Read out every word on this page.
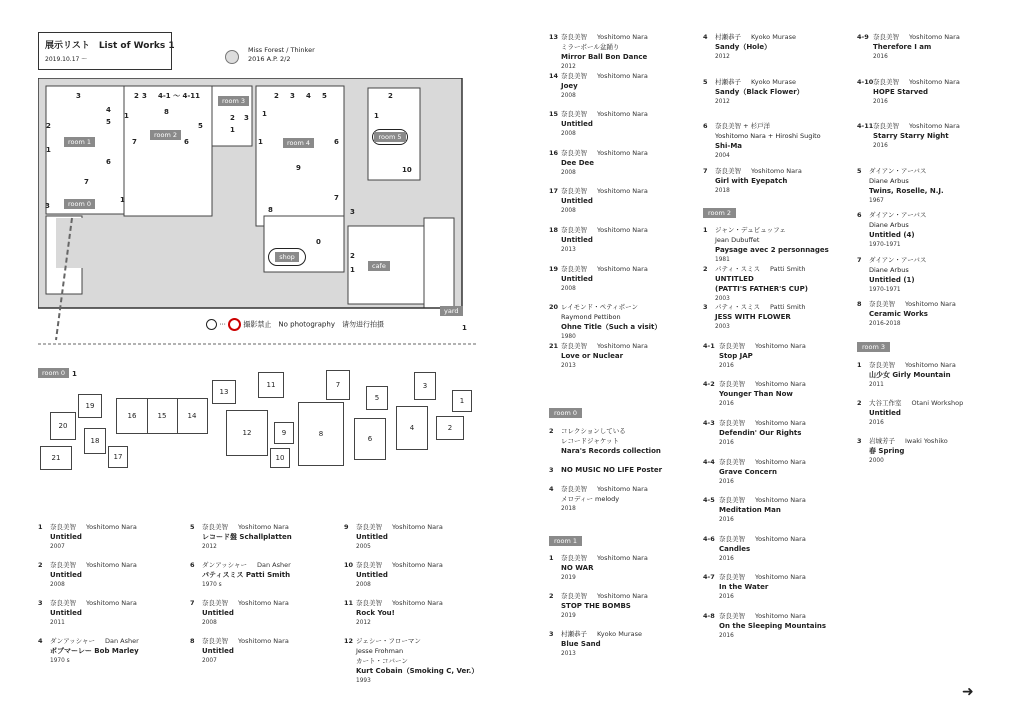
展示リスト　List of Works 1
2019.10.17 ～
Miss Forest / Thinker
2016 A.P. 2/2
room 1
room 2
room 3
room 4
room 5
room 0
shop
cafe
yard
1
3
4
5
1
2
1
6
7
3
1
2 3 4-1 ～ 4-11
8
6
5
7
2 3
1
1
2 3 4 5
1	6
9
8
7
3
0
2
1
2
1
10
··· 撮影禁止　No photography　请勿进行拍摄
room 0 1
13
11	7	3
5	1
2
4
6
8
9
10
12
14
15
16
19
18
17
20
21
room 0
room 1
room 2
room 3
➜
1 奈良美智 Yoshitomo Nara
Untitled
2007
2 奈良美智 Yoshitomo Nara
Untitled
2008
3 奈良美智 Yoshitomo Nara
Untitled
2011
4 ダンアッシャー Dan Asher
ボブマーレー Bob Marley
1970 s
5 奈良美智 Yoshitomo Nara
レコード盤 Schallplatten
2012
6 ダンアッシャー Dan Asher
パティスミス Patti Smith
1970 s
7 奈良美智 Yoshitomo Nara
Untitled
2008
8 奈良美智 Yoshitomo Nara
Untitled
2007
9 奈良美智 Yoshitomo Nara
Untitled
2005
10 奈良美智 Yoshitomo Nara
Untitled
2008
11 奈良美智 Yoshitomo Nara
Rock You!
2012
12 ジェシー・フローマン
Jesse Frohman
カート・コバーン
Kurt Cobain（Smoking C, Ver.）
1993
13 奈良美智 Yoshitomo Nara
ミラーボール盆踊り
Mirror Ball Bon Dance
2012
14 奈良美智 Yoshitomo Nara
Joey
2008
15 奈良美智 Yoshitomo Nara
Untitled
2008
16 奈良美智 Yoshitomo Nara
Dee Dee
2008
17 奈良美智 Yoshitomo Nara
Untitled
2008
18 奈良美智 Yoshitomo Nara
Untitled
2013
19 奈良美智 Yoshitomo Nara
Untitled
2008
20 レイモンド・ペティボーン
Raymond Pettibon
Ohne Title（Such a visit）
1980
21 奈良美智 Yoshitomo Nara
Love or Nuclear
2013
2 コレクションしている
レコードジャケット
Nara's Records collection
3 NO MUSIC NO LIFE Poster
4 奈良美智 Yoshitomo Nara
メロディー melody
2018
1 奈良美智 Yoshitomo Nara
NO WAR
2019
2 奈良美智 Yoshitomo Nara
STOP THE BOMBS
2019
3 村瀬恭子 Kyoko Murase
Blue Sand
2013
4 村瀬恭子 Kyoko Murase
Sandy（Hole）
2012
5 村瀬恭子 Kyoko Murase
Sandy（Black Flower）
2012
6 奈良美智 + 杉戸洋
Yoshitomo Nara + Hiroshi Sugito
Shi-Ma
2004
7 奈良美智 Yoshitomo Nara
Girl with Eyepatch
2018
1 ジャン・デュビュッフェ
Jean Dubuffet
Paysage avec 2 personnages
1981
2 パティ・スミス Patti Smith
UNTITLED
(PATTI'S FATHER'S CUP)
2003
3 パティ・スミス Patti Smith
JESS WITH FLOWER
2003
4-1 奈良美智 Yoshitomo Nara
Stop JAP
2016
4-2 奈良美智 Yoshitomo Nara
Younger Than Now
2016
4-3 奈良美智 Yoshitomo Nara
Defendin' Our Rights
2016
4-4 奈良美智 Yoshitomo Nara
Grave Concern
2016
4-5 奈良美智 Yoshitomo Nara
Meditation Man
2016
4-6 奈良美智 Yoshitomo Nara
Candles
2016
4-7 奈良美智 Yoshitomo Nara
In the Water
2016
4-8 奈良美智 Yoshitomo Nara
On the Sleeping Mountains
2016
4-9 奈良美智 Yoshitomo Nara
Therefore I am
2016
4-10 奈良美智 Yoshitomo Nara
HOPE Starved
2016
4-11 奈良美智 Yoshitomo Nara
Starry Starry Night
2016
5 ダイアン・アーバス
Diane Arbus
Twins, Roselle, N.J.
1967
6 ダイアン・アーバス
Diane Arbus
Untitled (4)
1970-1971
7 ダイアン・アーバス
Diane Arbus
Untitled (1)
1970-1971
8 奈良美智 Yoshitomo Nara
Ceramic Works
2016-2018
1 奈良美智 Yoshitomo Nara
山少女 Girly Mountain
2011
2 大谷工作室 Otani Workshop
Untitled
2016
3 岩城芳子 Iwaki Yoshiko
春 Spring
2000
